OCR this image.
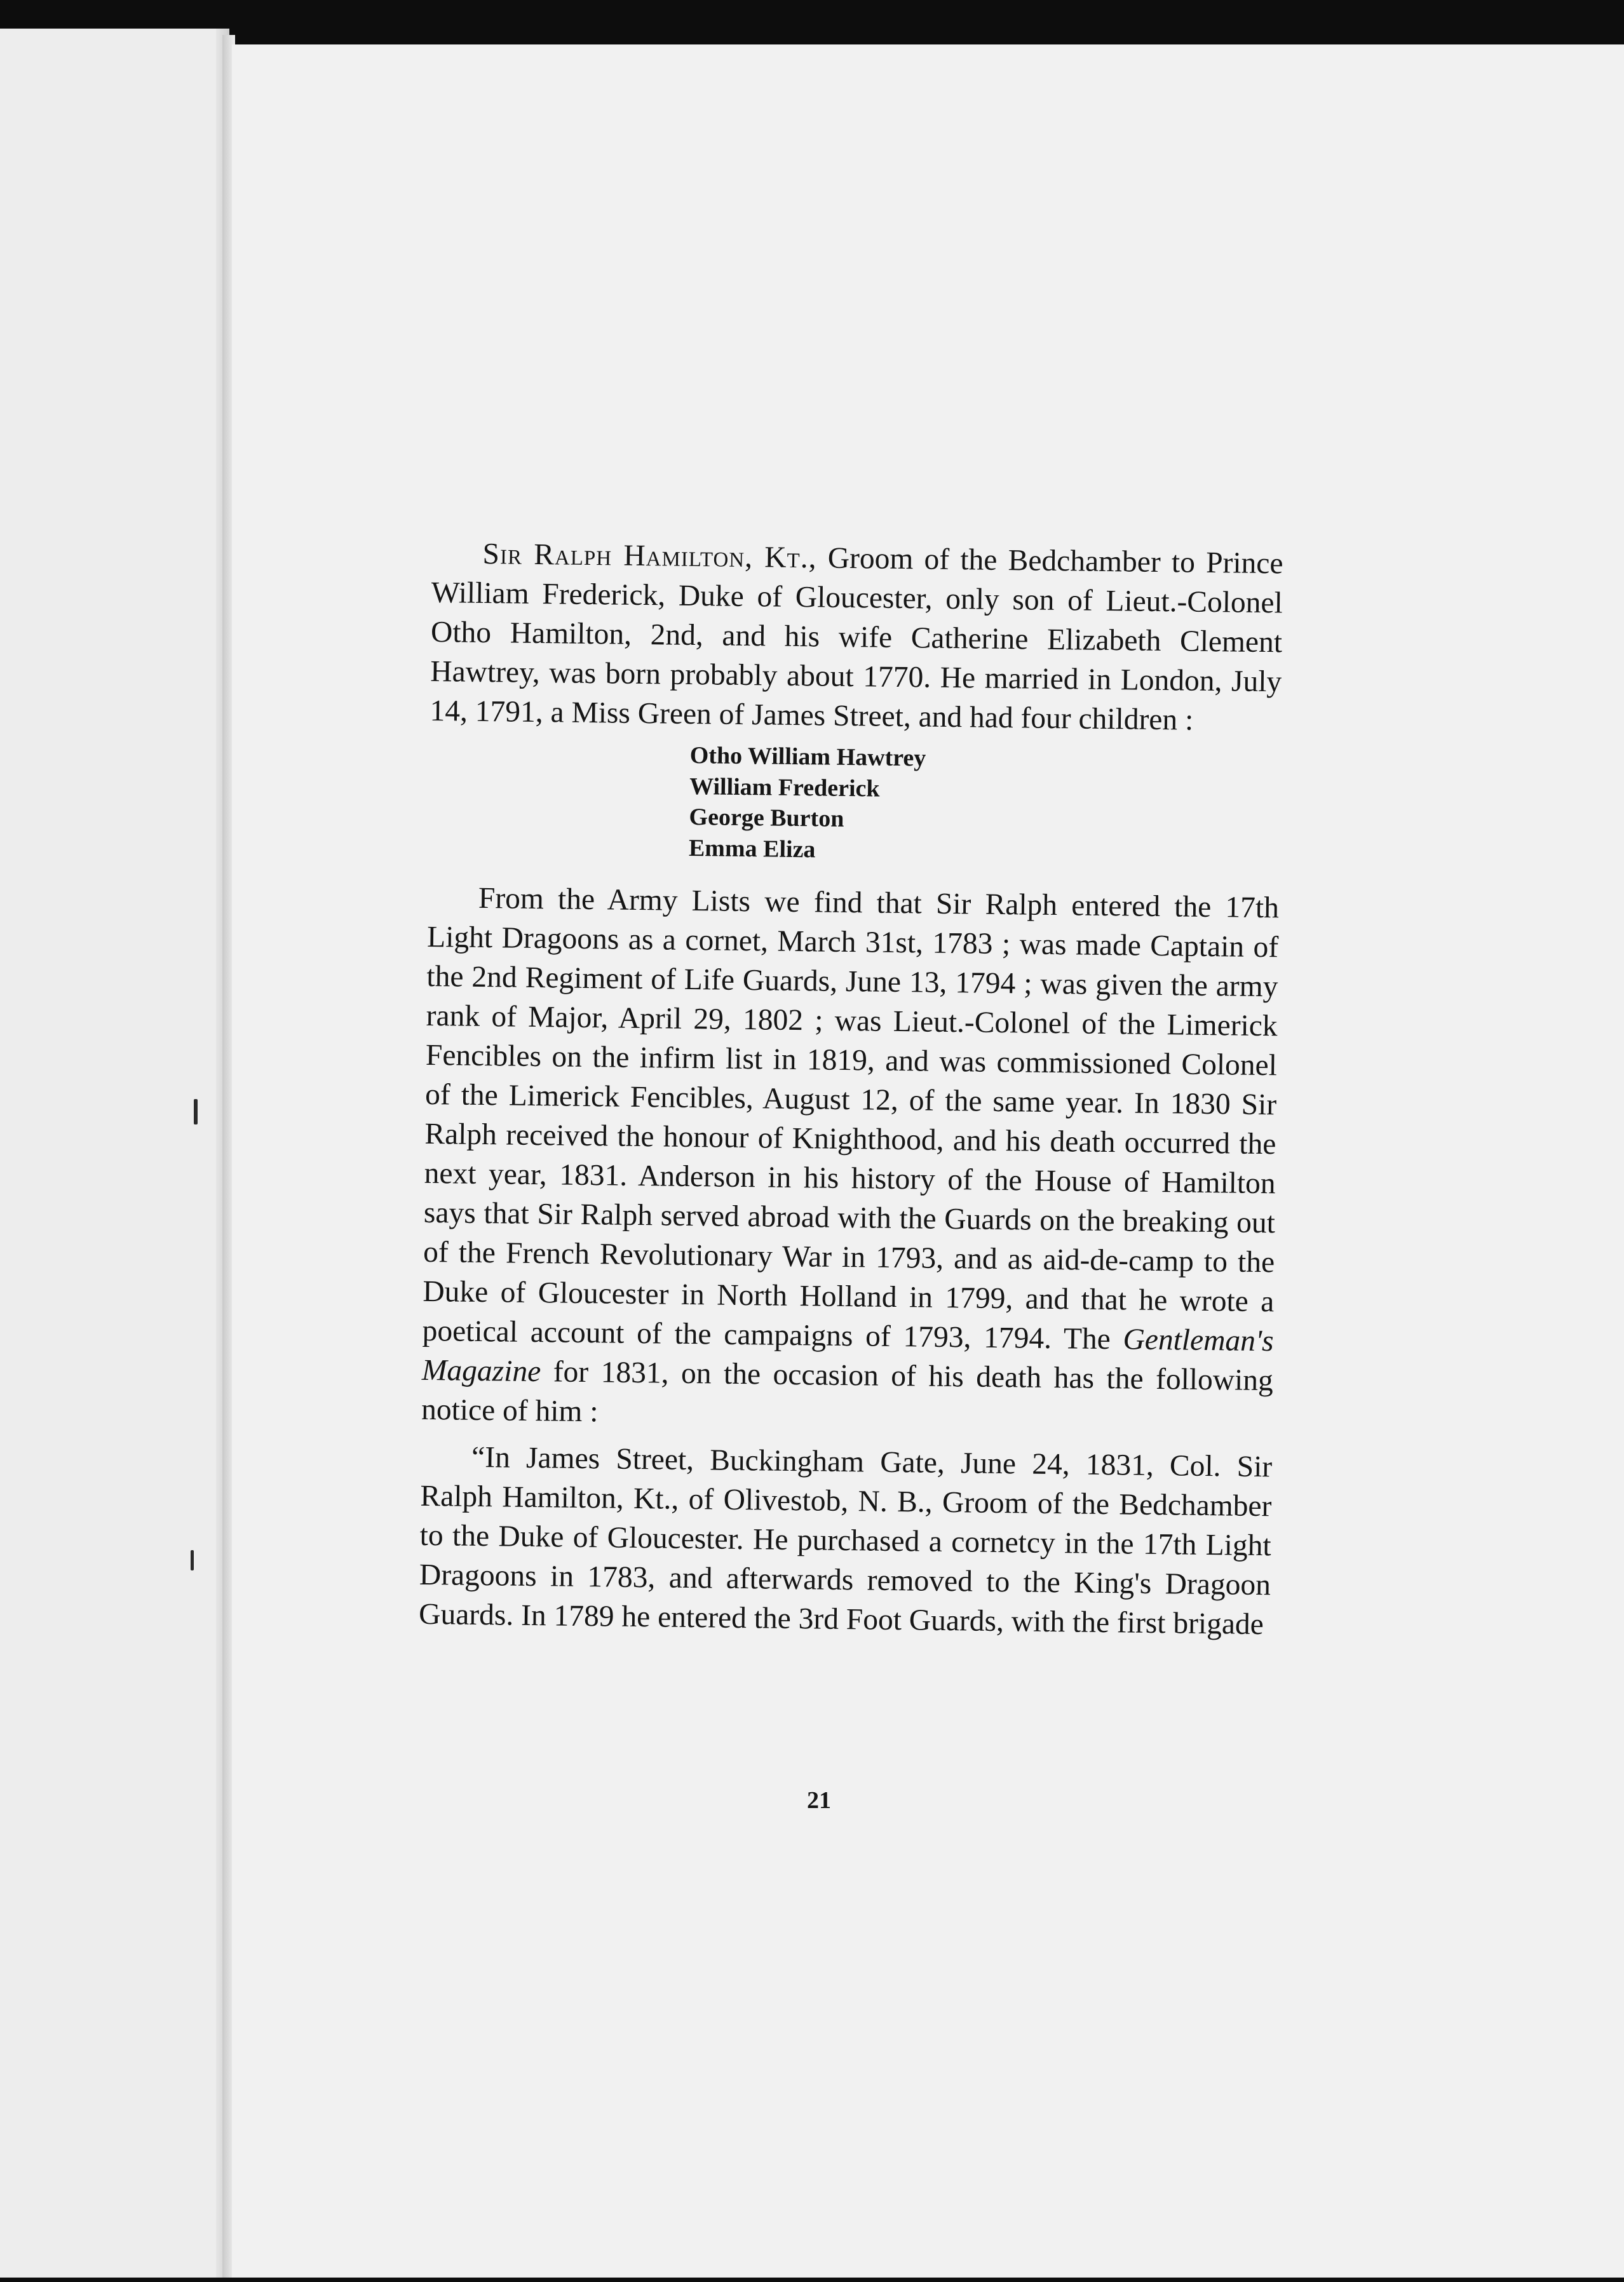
Sir Ralph Hamilton, Kt., Groom of the Bedchamber to Prince William Frederick, Duke of Gloucester, only son of Lieut.-Colonel Otho Hamilton, 2nd, and his wife Catherine Elizabeth Clement Hawtrey, was born probably about 1770. He married in London, July 14, 1791, a Miss Green of James Street, and had four children :

Otho William Hawtrey
William Frederick
George Burton
Emma Eliza

From the Army Lists we find that Sir Ralph entered the 17th Light Dragoons as a cornet, March 31st, 1783 ; was made Captain of the 2nd Regiment of Life Guards, June 13, 1794 ; was given the army rank of Major, April 29, 1802 ; was Lieut.-Colonel of the Limerick Fencibles on the infirm list in 1819, and was commissioned Colonel of the Limerick Fencibles, August 12, of the same year. In 1830 Sir Ralph received the honour of Knighthood, and his death occurred the next year, 1831. Anderson in his history of the House of Hamilton says that Sir Ralph served abroad with the Guards on the breaking out of the French Revolutionary War in 1793, and as aid-de-camp to the Duke of Gloucester in North Holland in 1799, and that he wrote a poetical account of the campaigns of 1793, 1794. The Gentleman's Magazine for 1831, on the occasion of his death has the following notice of him :

“In James Street, Buckingham Gate, June 24, 1831, Col. Sir Ralph Hamilton, Kt., of Olivestob, N. B., Groom of the Bedchamber to the Duke of Gloucester. He purchased a cornetcy in the 17th Light Dragoons in 1783, and afterwards removed to the King's Dragoon Guards. In 1789 he entered the 3rd Foot Guards, with the first brigade

21
